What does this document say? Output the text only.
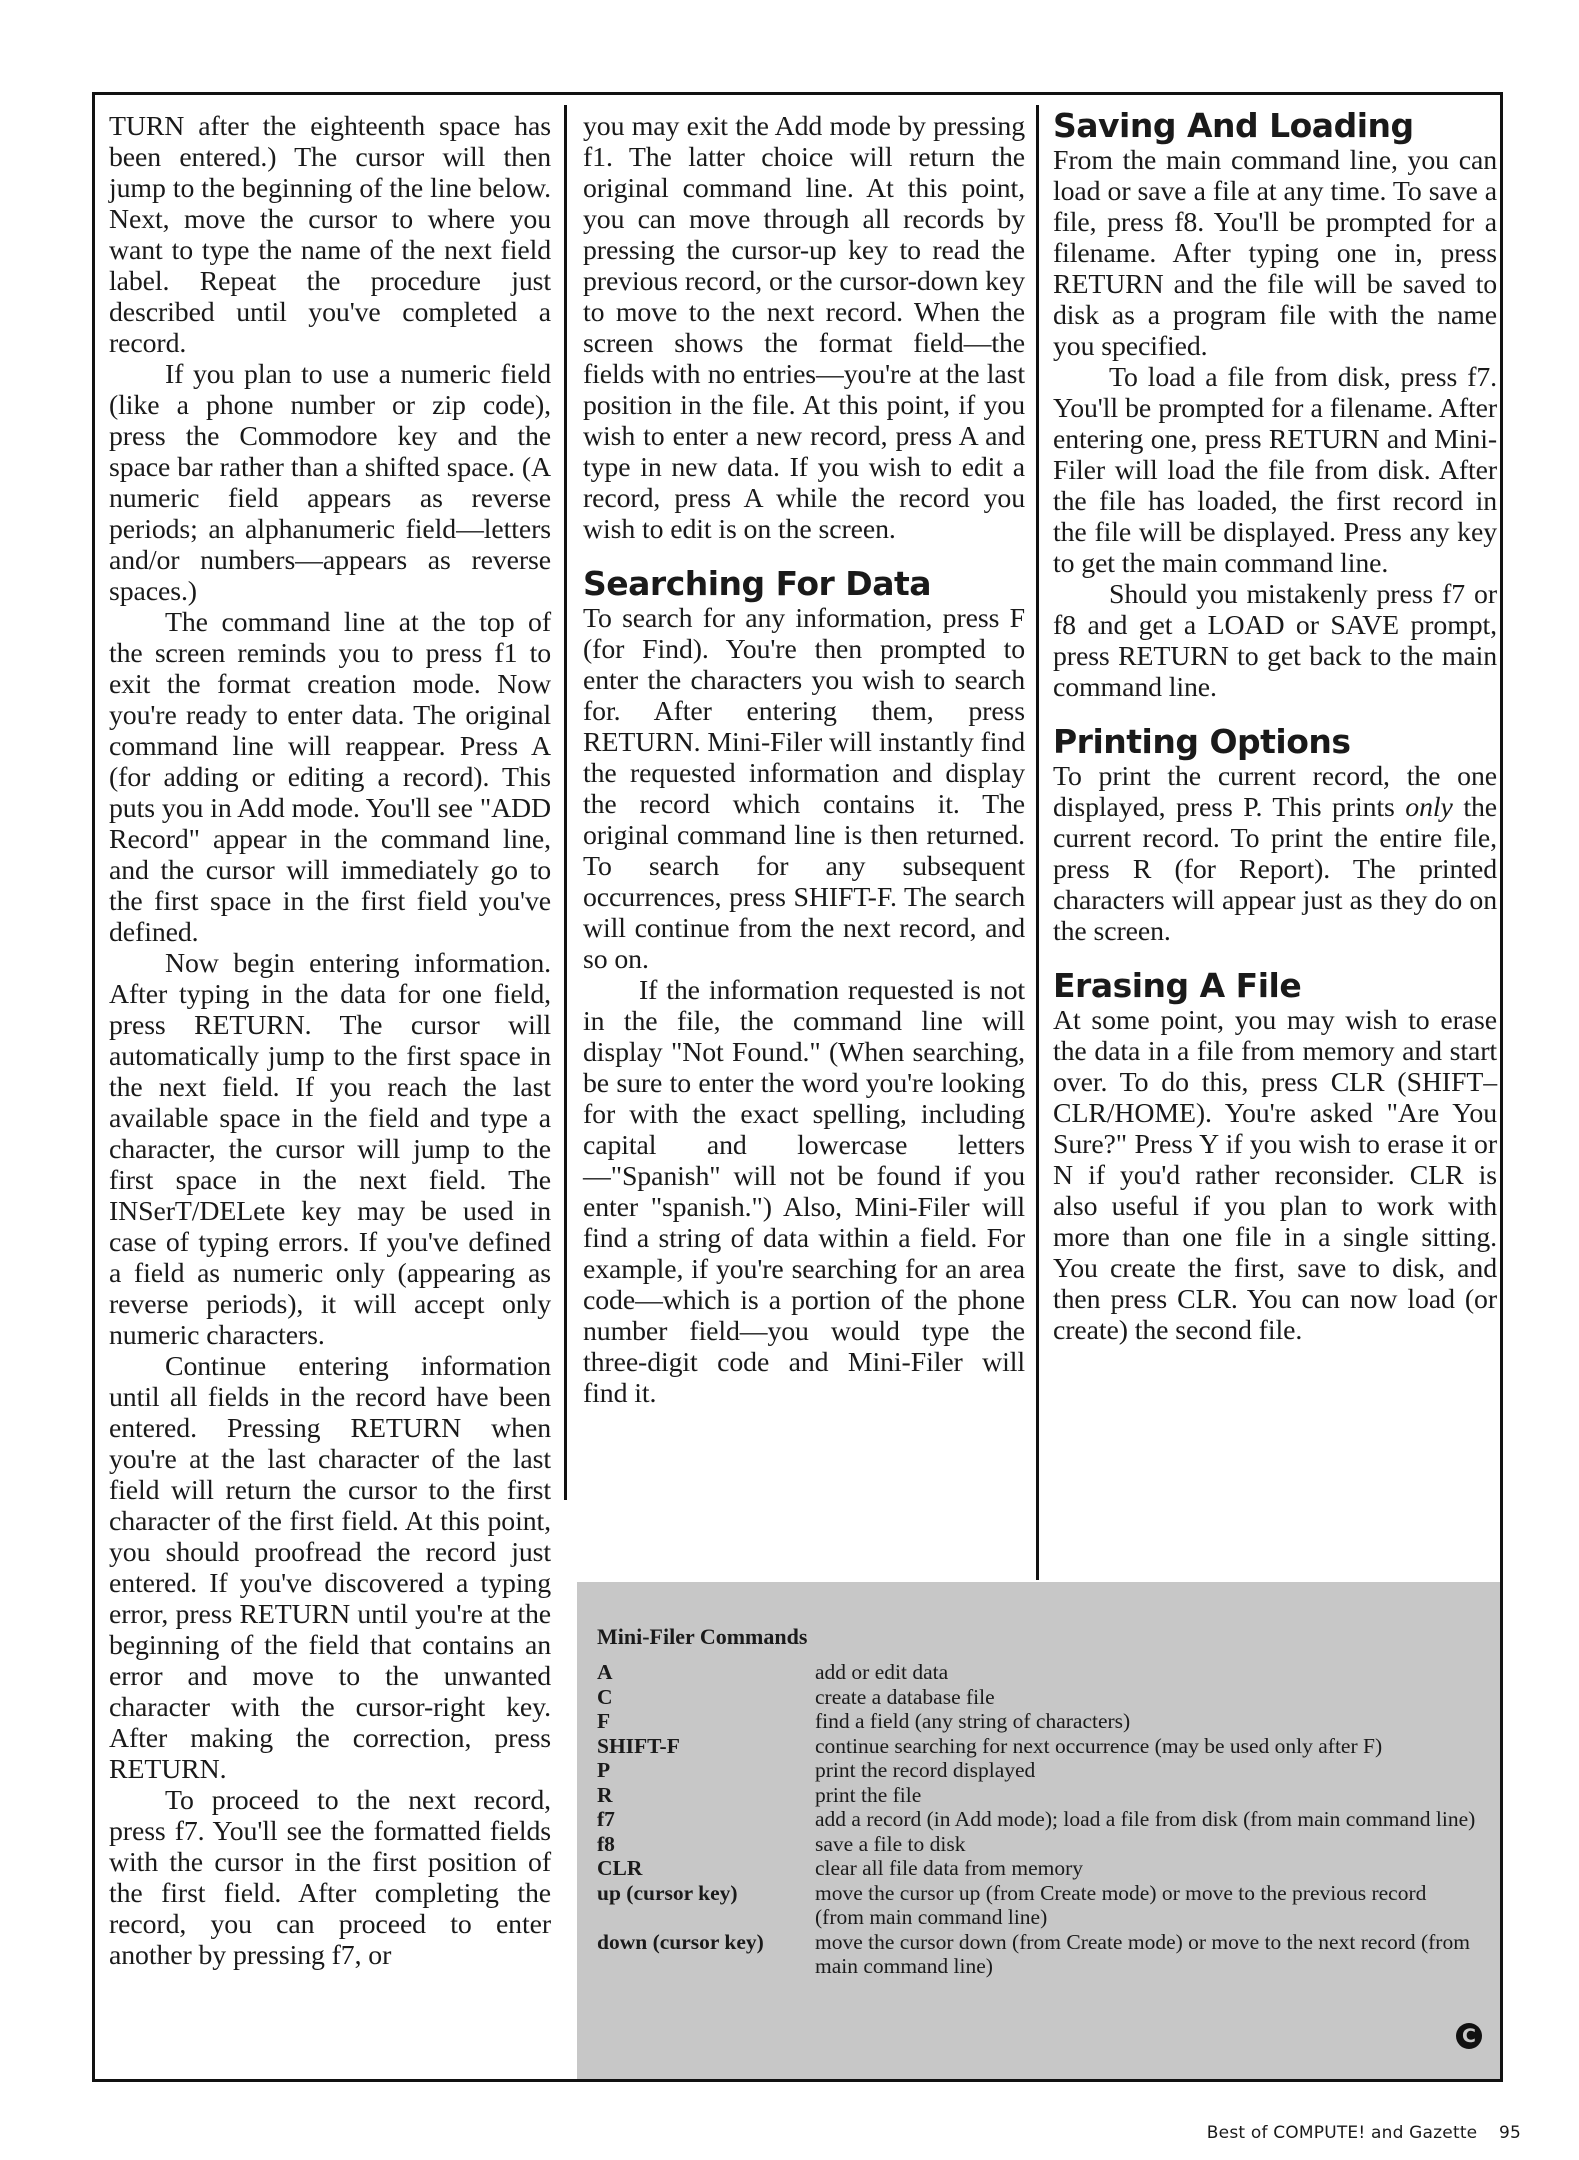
TURN after the eighteenth space has been entered.) The cursor will then jump to the beginning of the line below. Next, move the cursor to where you want to type the name of the next field label. Repeat the procedure just described until you've completed a record.

If you plan to use a numeric field (like a phone number or zip code), press the Commodore key and the space bar rather than a shifted space. (A numeric field appears as reverse periods; an alphanumeric field—letters and/or numbers—appears as reverse spaces.)

The command line at the top of the screen reminds you to press f1 to exit the format creation mode. Now you're ready to enter data. The original command line will reappear. Press A (for adding or editing a record). This puts you in Add mode. You'll see "ADD Record" appear in the command line, and the cursor will immediately go to the first space in the first field you've defined.

Now begin entering information. After typing in the data for one field, press RETURN. The cursor will automatically jump to the first space in the next field. If you reach the last available space in the field and type a character, the cursor will jump to the first space in the next field. The INSerT/DELete key may be used in case of typing errors. If you've defined a field as numeric only (appearing as reverse periods), it will accept only numeric characters.

Continue entering information until all fields in the record have been entered. Pressing RETURN when you're at the last character of the last field will return the cursor to the first character of the first field. At this point, you should proofread the record just entered. If you've discovered a typing error, press RETURN until you're at the beginning of the field that contains an error and move to the unwanted character with the cursor-right key. After making the correction, press RETURN.

To proceed to the next record, press f7. You'll see the formatted fields with the cursor in the first position of the first field. After completing the record, you can proceed to enter another by pressing f7, or

you may exit the Add mode by pressing f1. The latter choice will return the original command line. At this point, you can move through all records by pressing the cursor-up key to read the previous record, or the cursor-down key to move to the next record. When the screen shows the format field—the fields with no entries—you're at the last position in the file. At this point, if you wish to enter a new record, press A and type in new data. If you wish to edit a record, press A while the record you wish to edit is on the screen.

Searching For Data

To search for any information, press F (for Find). You're then prompted to enter the characters you wish to search for. After entering them, press RETURN. Mini-Filer will instantly find the requested information and display the record which contains it. The original command line is then returned. To search for any subsequent occurrences, press SHIFT-F. The search will continue from the next record, and so on.

If the information requested is not in the file, the command line will display "Not Found." (When searching, be sure to enter the word you're looking for with the exact spelling, including capital and lowercase letters—"Spanish" will not be found if you enter "spanish.") Also, Mini-Filer will find a string of data within a field. For example, if you're searching for an area code—which is a portion of the phone number field—you would type the three-digit code and Mini-Filer will find it.

Saving And Loading

From the main command line, you can load or save a file at any time. To save a file, press f8. You'll be prompted for a filename. After typing one in, press RETURN and the file will be saved to disk as a program file with the name you specified.

To load a file from disk, press f7. You'll be prompted for a filename. After entering one, press RETURN and Mini-Filer will load the file from disk. After the file has loaded, the first record in the file will be displayed. Press any key to get the main command line.

Should you mistakenly press f7 or f8 and get a LOAD or SAVE prompt, press RETURN to get back to the main command line.

Printing Options

To print the current record, the one displayed, press P. This prints only the current record. To print the entire file, press R (for Report). The printed characters will appear just as they do on the screen.

Erasing A File

At some point, you may wish to erase the data in a file from memory and start over. To do this, press CLR (SHIFT–CLR/HOME). You're asked "Are You Sure?" Press Y if you wish to erase it or N if you'd rather reconsider. CLR is also useful if you plan to work with more than one file in a single sitting. You create the first, save to disk, and then press CLR. You can now load (or create) the second file.

Mini-Filer Commands
A	add or edit data
C	create a database file
F	find a field (any string of characters)
SHIFT-F	continue searching for next occurrence (may be used only after F)
P	print the record displayed
R	print the file
f7	add a record (in Add mode); load a file from disk (from main command line)
f8	save a file to disk
CLR	clear all file data from memory
up (cursor key)	move the cursor up (from Create mode) or move to the previous record (from main command line)
down (cursor key)	move the cursor down (from Create mode) or move to the next record (from main command line)
C
Best of COMPUTE! and Gazette 95
